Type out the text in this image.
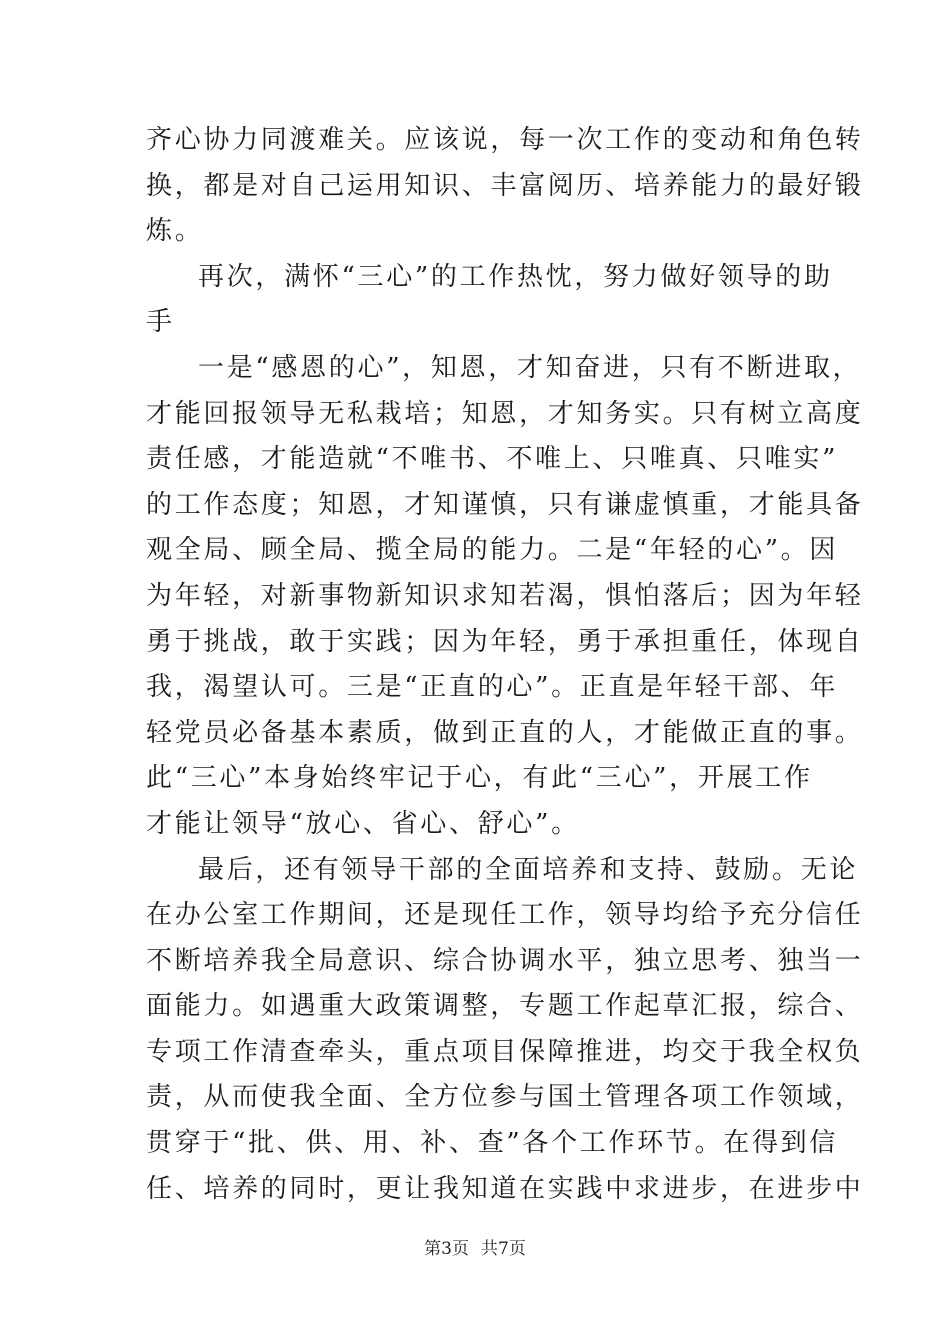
齐心协力同渡难关。应该说，每一次工作的变动和角色转
换，都是对自己运用知识、丰富阅历、培养能力的最好锻
炼。
再次，满怀“三心”的工作热忱，努力做好领导的助
手
一是“感恩的心”，知恩，才知奋进，只有不断进取，
才能回报领导无私栽培；知恩，才知务实。只有树立高度
责任感，才能造就“不唯书、不唯上、只唯真、只唯实”
的工作态度；知恩，才知谨慎，只有谦虚慎重，才能具备
观全局、顾全局、揽全局的能力。二是“年轻的心”。因
为年轻，对新事物新知识求知若渴，惧怕落后；因为年轻
勇于挑战，敢于实践；因为年轻，勇于承担重任，体现自
我，渴望认可。三是“正直的心”。正直是年轻干部、年
轻党员必备基本素质，做到正直的人，才能做正直的事。
此“三心”本身始终牢记于心，有此“三心”，开展工作
才能让领导“放心、省心、舒心”。
最后，还有领导干部的全面培养和支持、鼓励。无论
在办公室工作期间，还是现任工作，领导均给予充分信任
不断培养我全局意识、综合协调水平，独立思考、独当一
面能力。如遇重大政策调整，专题工作起草汇报，综合、
专项工作清查牵头，重点项目保障推进，均交于我全权负
责，从而使我全面、全方位参与国土管理各项工作领域，
贯穿于“批、供、用、补、查”各个工作环节。在得到信
任、培养的同时，更让我知道在实践中求进步，在进步中
第3页 共7页
